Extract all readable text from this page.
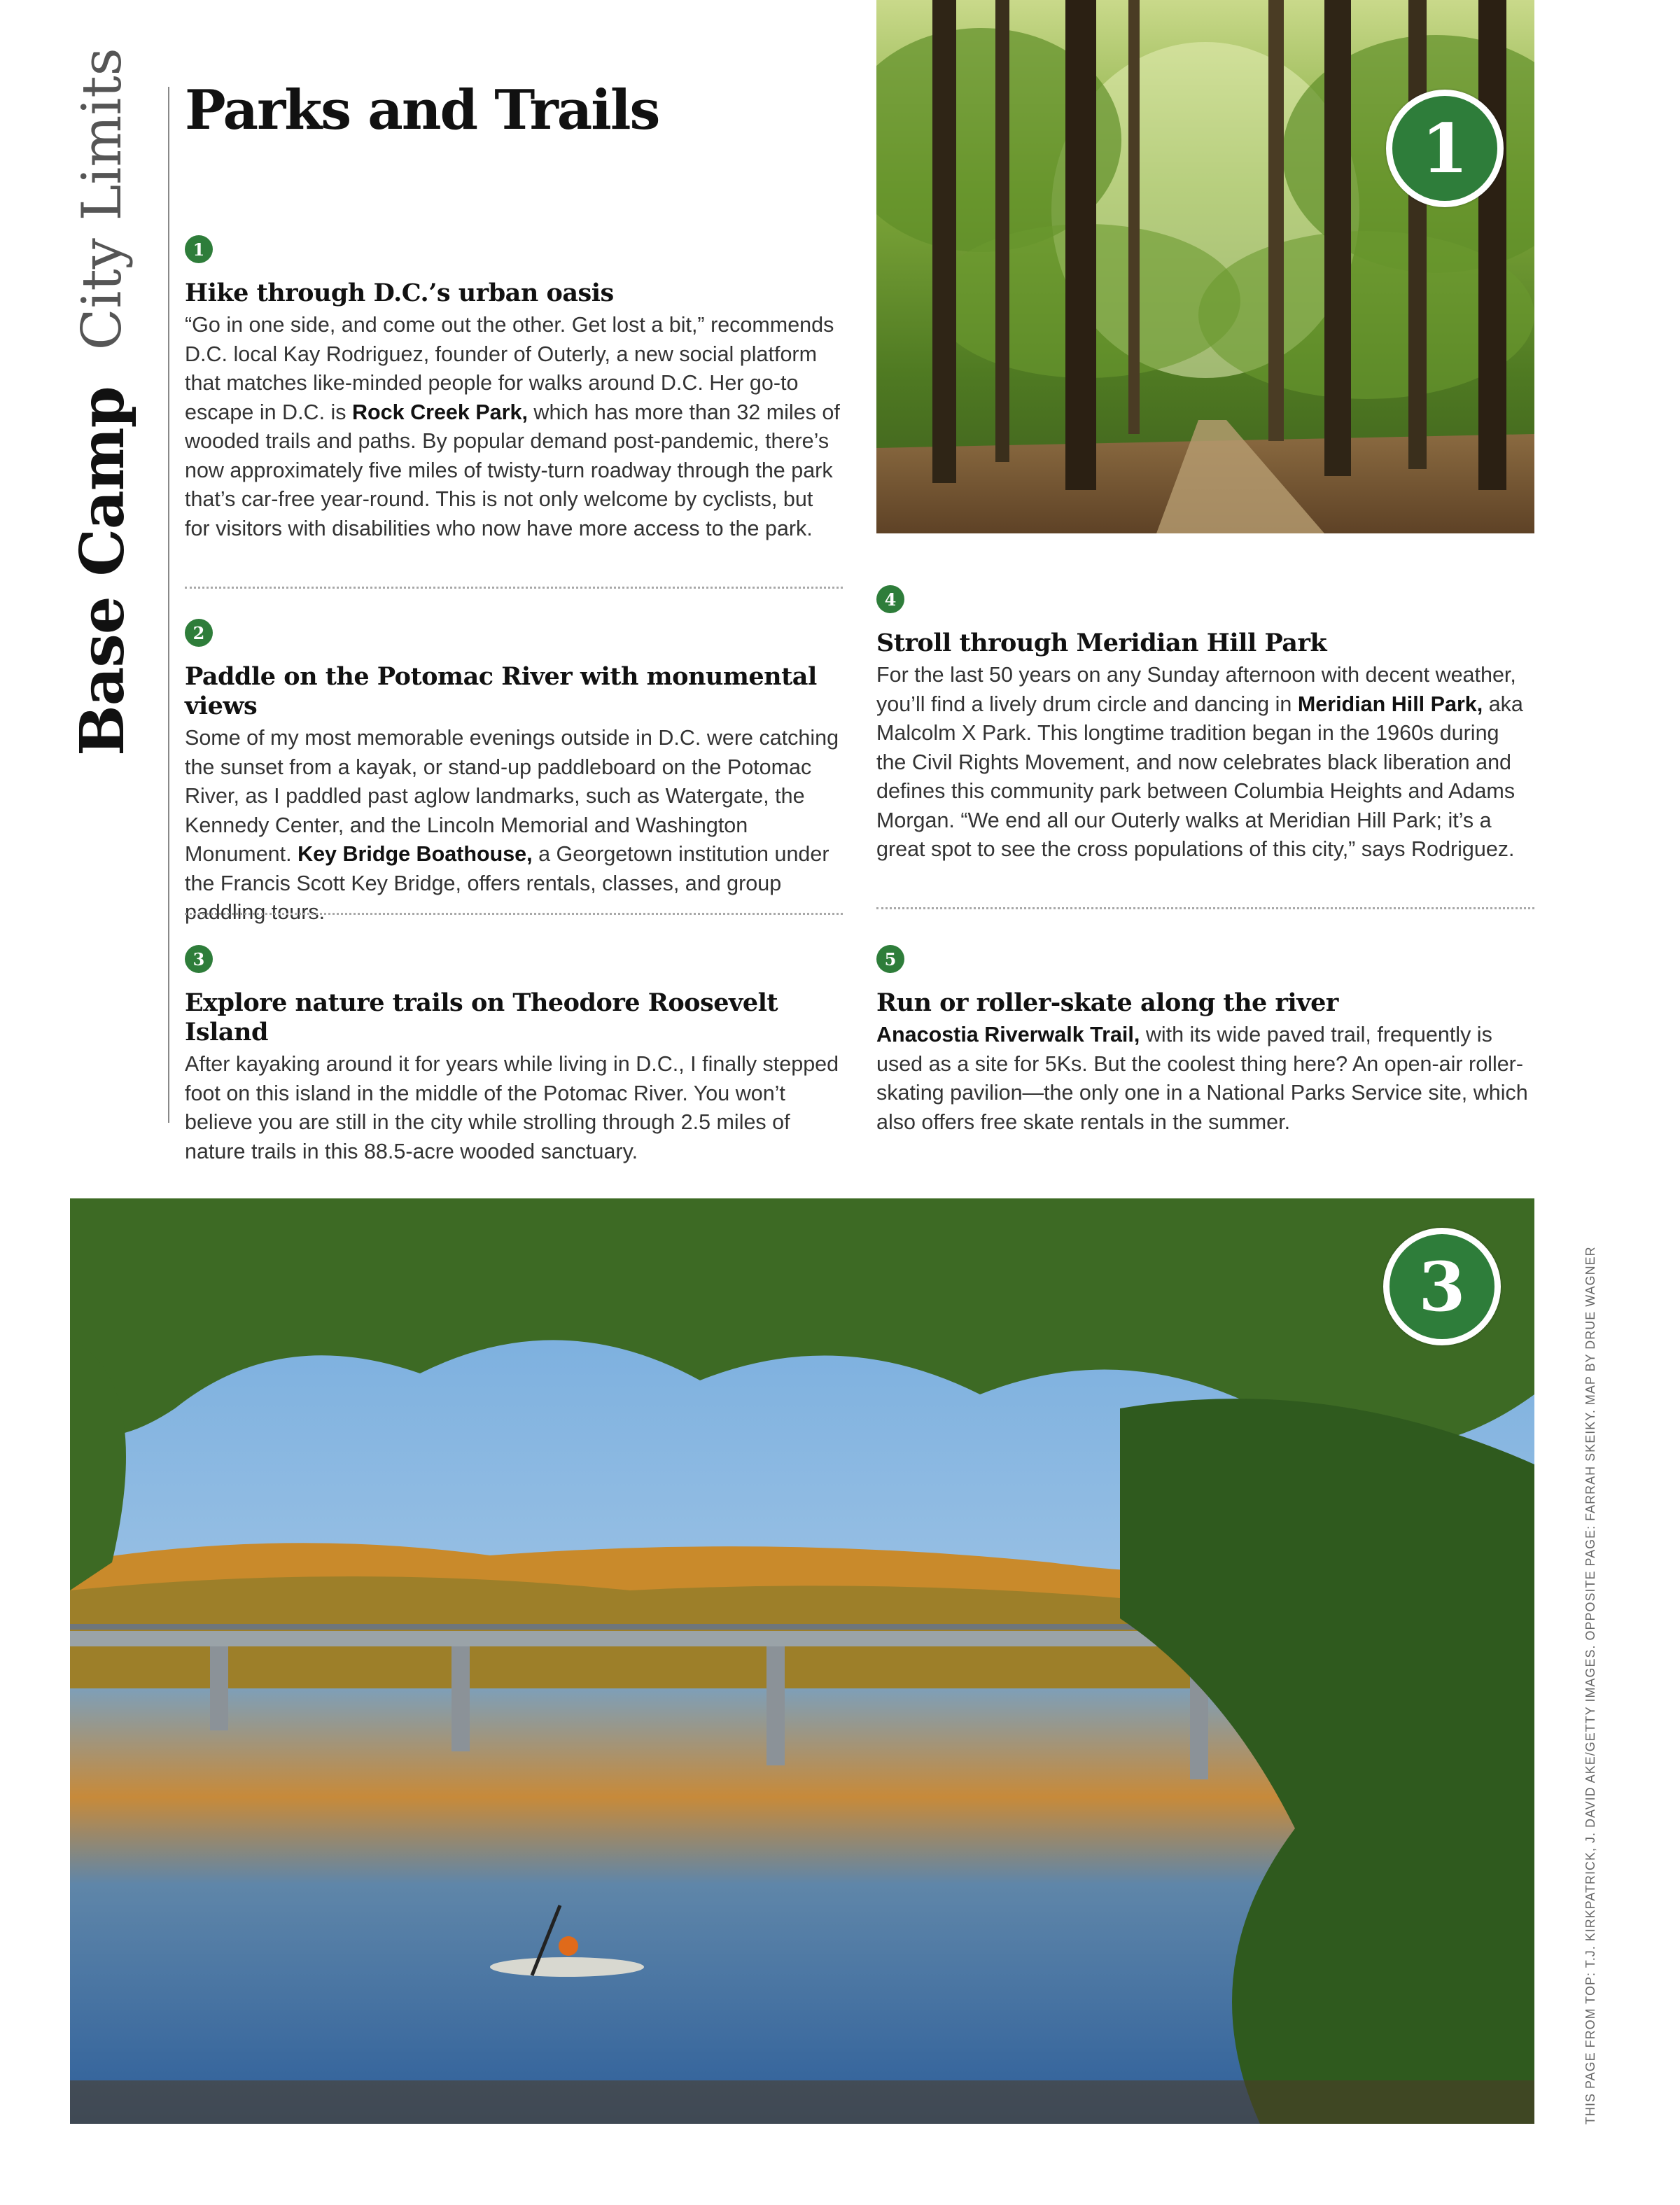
Base Camp
City Limits Parks and Trails
1
Hike through D.C.’s urban oasis

“Go in one side, and come out the other. Get lost a bit,” recommends D.C. local Kay Rodriguez, founder of Outerly, a new social platform that matches like-minded people for walks around D.C. Her go-to escape in D.C. is Rock Creek Park, which has more than 32 miles of wooded trails and paths. By popular demand post-pandemic, there’s now approximately five miles of twisty-turn roadway through the park that’s car-free year-round. This is not only welcome by cyclists, but for visitors with disabilities who now have more access to the park.

2
Paddle on the Potomac River with monumental views

Some of my most memorable evenings outside in D.C. were catching the sunset from a kayak, or stand-up paddleboard on the Potomac River, as I paddled past aglow landmarks, such as Watergate, the Kennedy Center, and the Lincoln Memorial and Washington Monument. Key Bridge Boathouse, a Georgetown institution under the Francis Scott Key Bridge, offers rentals, classes, and group paddling tours.

3
Explore nature trails on Theodore Roosevelt Island

After kayaking around it for years while living in D.C., I finally stepped foot on this island in the middle of the Potomac River. You won’t believe you are still in the city while strolling through 2.5 miles of nature trails in this 88.5-acre wooded sanctuary.

4
Stroll through Meridian Hill Park

For the last 50 years on any Sunday afternoon with decent weather, you’ll find a lively drum circle and dancing in Meridian Hill Park, aka Malcolm X Park. This longtime tradition began in the 1960s during the Civil Rights Movement, and now celebrates black liberation and defines this community park between Columbia Heights and Adams Morgan. “We end all our Outerly walks at Meridian Hill Park; it’s a great spot to see the cross populations of this city,” says Rodriguez.

5
Run or roller-skate along the river

Anacostia Riverwalk Trail, with its wide paved trail, frequently is used as a site for 5Ks. But the coolest thing here? An open-air roller-skating pavilion—the only one in a National Parks Service site, which also offers free skate rentals in the summer.

1
3	THIS PAGE FROM TOP: T.J. KIRKPATRICK, J. DAVID AKE/GETTY IMAGES. OPPOSITE PAGE: FARRAH SKEIKY. MAP BY DRUE WAGNER
